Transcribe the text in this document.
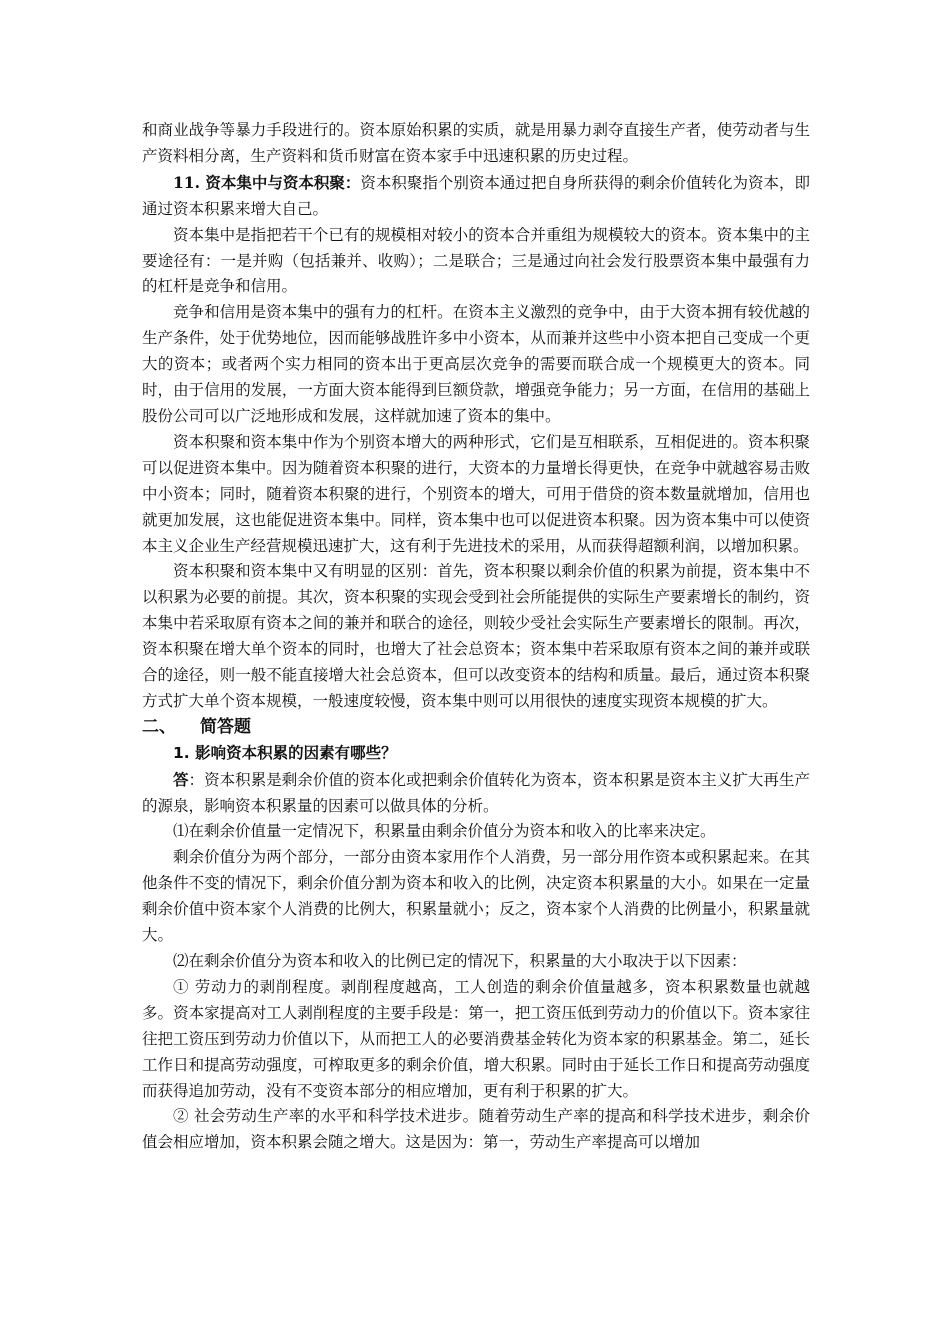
和商业战争等暴力手段进行的。资本原始积累的实质，就是用暴力剥夺直接生产者，使劳动者与生产资料相分离，生产资料和货币财富在资本家手中迅速积累的历史过程。

11. 资本集中与资本积聚：资本积聚指个别资本通过把自身所获得的剩余价值转化为资本，即通过资本积累来增大自己。

资本集中是指把若干个已有的规模相对较小的资本合并重组为规模较大的资本。资本集中的主要途径有：一是并购（包括兼并、收购）；二是联合；三是通过向社会发行股票资本集中最强有力的杠杆是竞争和信用。

竞争和信用是资本集中的强有力的杠杆。在资本主义激烈的竞争中，由于大资本拥有较优越的生产条件，处于优势地位，因而能够战胜许多中小资本，从而兼并这些中小资本把自己变成一个更大的资本；或者两个实力相同的资本出于更高层次竞争的需要而联合成一个规模更大的资本。同时，由于信用的发展，一方面大资本能得到巨额贷款，增强竞争能力；另一方面，在信用的基础上股份公司可以广泛地形成和发展，这样就加速了资本的集中。

资本积聚和资本集中作为个别资本增大的两种形式，它们是互相联系，互相促进的。资本积聚可以促进资本集中。因为随着资本积聚的进行，大资本的力量增长得更快，在竞争中就越容易击败中小资本；同时，随着资本积聚的进行，个别资本的增大，可用于借贷的资本数量就增加，信用也就更加发展，这也能促进资本集中。同样，资本集中也可以促进资本积聚。因为资本集中可以使资本主义企业生产经营规模迅速扩大，这有利于先进技术的采用，从而获得超额利润，以增加积累。

资本积聚和资本集中又有明显的区别：首先，资本积聚以剩余价值的积累为前提，资本集中不以积累为必要的前提。其次，资本积聚的实现会受到社会所能提供的实际生产要素增长的制约，资本集中若采取原有资本之间的兼并和联合的途径，则较少受社会实际生产要素增长的限制。再次，资本积聚在增大单个资本的同时，也增大了社会总资本；资本集中若采取原有资本之间的兼并或联合的途径，则一般不能直接增大社会总资本，但可以改变资本的结构和质量。最后，通过资本积聚方式扩大单个资本规模，一般速度较慢，资本集中则可以用很快的速度实现资本规模的扩大。

二、 简答题
1. 影响资本积累的因素有哪些？

答：资本积累是剩余价值的资本化或把剩余价值转化为资本，资本积累是资本主义扩大再生产的源泉，影响资本积累量的因素可以做具体的分析。

⑴在剩余价值量一定情况下，积累量由剩余价值分为资本和收入的比率来决定。

剩余价值分为两个部分，一部分由资本家用作个人消费，另一部分用作资本或积累起来。在其他条件不变的情况下，剩余价值分割为资本和收入的比例，决定资本积累量的大小。如果在一定量剩余价值中资本家个人消费的比例大，积累量就小；反之，资本家个人消费的比例量小，积累量就大。

⑵在剩余价值分为资本和收入的比例已定的情况下，积累量的大小取决于以下因素：

① 劳动力的剥削程度。剥削程度越高，工人创造的剩余价值量越多，资本积累数量也就越多。资本家提高对工人剥削程度的主要手段是：第一，把工资压低到劳动力的价值以下。资本家往往把工资压到劳动力价值以下，从而把工人的必要消费基金转化为资本家的积累基金。第二，延长工作日和提高劳动强度，可榨取更多的剩余价值，增大积累。同时由于延长工作日和提高劳动强度而获得追加劳动，没有不变资本部分的相应增加，更有利于积累的扩大。

② 社会劳动生产率的水平和科学技术进步。随着劳动生产率的提高和科学技术进步，剩余价值会相应增加，资本积累会随之增大。这是因为：第一，劳动生产率提高可以增加
